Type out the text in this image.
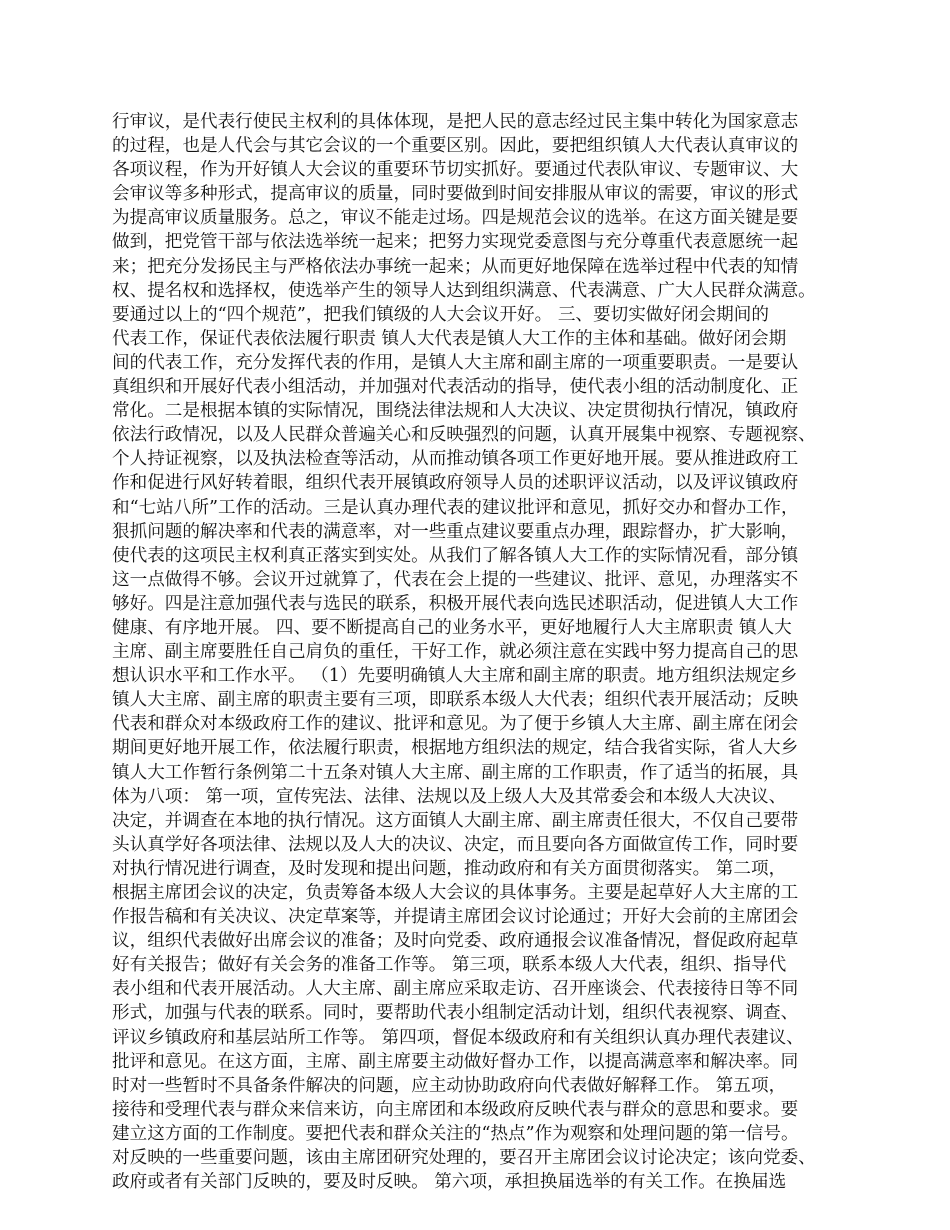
行审议，是代表行使民主权利的具体体现，是把人民的意志经过民主集中转化为国家意志
的过程，也是人代会与其它会议的一个重要区别。因此，要把组织镇人大代表认真审议的
各项议程，作为开好镇人大会议的重要环节切实抓好。要通过代表队审议、专题审议、大
会审议等多种形式，提高审议的质量，同时要做到时间安排服从审议的需要，审议的形式
为提高审议质量服务。总之，审议不能走过场。四是规范会议的选举。在这方面关键是要
做到，把党管干部与依法选举统一起来；把努力实现党委意图与充分尊重代表意愿统一起
来；把充分发扬民主与严格依法办事统一起来；从而更好地保障在选举过程中代表的知情
权、提名权和选择权，使选举产生的领导人达到组织满意、代表满意、广大人民群众满意。
要通过以上的“四个规范”，把我们镇级的人大会议开好。 三、要切实做好闭会期间的
代表工作，保证代表依法履行职责 镇人大代表是镇人大工作的主体和基础。做好闭会期
间的代表工作，充分发挥代表的作用，是镇人大主席和副主席的一项重要职责。一是要认
真组织和开展好代表小组活动，并加强对代表活动的指导，使代表小组的活动制度化、正
常化。二是根据本镇的实际情况，围绕法律法规和人大决议、决定贯彻执行情况，镇政府
依法行政情况，以及人民群众普遍关心和反映强烈的问题，认真开展集中视察、专题视察、
个人持证视察，以及执法检查等活动，从而推动镇各项工作更好地开展。要从推进政府工
作和促进行风好转着眼，组织代表开展镇政府领导人员的述职评议活动，以及评议镇政府
和“七站八所”工作的活动。三是认真办理代表的建议批评和意见，抓好交办和督办工作，
狠抓问题的解决率和代表的满意率，对一些重点建议要重点办理，跟踪督办，扩大影响，
使代表的这项民主权利真正落实到实处。从我们了解各镇人大工作的实际情况看，部分镇
这一点做得不够。会议开过就算了，代表在会上提的一些建议、批评、意见，办理落实不
够好。四是注意加强代表与选民的联系，积极开展代表向选民述职活动，促进镇人大工作
健康、有序地开展。 四、要不断提高自己的业务水平，更好地履行人大主席职责 镇人大
主席、副主席要胜任自己肩负的重任，干好工作，就必须注意在实践中努力提高自己的思
想认识水平和工作水平。 （1）先要明确镇人大主席和副主席的职责。地方组织法规定乡
镇人大主席、副主席的职责主要有三项，即联系本级人大代表；组织代表开展活动；反映
代表和群众对本级政府工作的建议、批评和意见。为了便于乡镇人大主席、副主席在闭会
期间更好地开展工作，依法履行职责，根据地方组织法的规定，结合我省实际，省人大乡
镇人大工作暂行条例第二十五条对镇人大主席、副主席的工作职责，作了适当的拓展，具
体为八项： 第一项，宣传宪法、法律、法规以及上级人大及其常委会和本级人大决议、
决定，并调查在本地的执行情况。这方面镇人大副主席、副主席责任很大，不仅自己要带
头认真学好各项法律、法规以及人大的决议、决定，而且要向各方面做宣传工作，同时要
对执行情况进行调查，及时发现和提出问题，推动政府和有关方面贯彻落实。 第二项，
根据主席团会议的决定，负责筹备本级人大会议的具体事务。主要是起草好人大主席的工
作报告稿和有关决议、决定草案等，并提请主席团会议讨论通过；开好大会前的主席团会
议，组织代表做好出席会议的准备；及时向党委、政府通报会议准备情况，督促政府起草
好有关报告；做好有关会务的准备工作等。 第三项，联系本级人大代表，组织、指导代
表小组和代表开展活动。人大主席、副主席应采取走访、召开座谈会、代表接待日等不同
形式，加强与代表的联系。同时，要帮助代表小组制定活动计划，组织代表视察、调查、
评议乡镇政府和基层站所工作等。 第四项，督促本级政府和有关组织认真办理代表建议、
批评和意见。在这方面，主席、副主席要主动做好督办工作，以提高满意率和解决率。同
时对一些暂时不具备条件解决的问题，应主动协助政府向代表做好解释工作。 第五项，
接待和受理代表与群众来信来访，向主席团和本级政府反映代表与群众的意思和要求。要
建立这方面的工作制度。要把代表和群众关注的“热点”作为观察和处理问题的第一信号。
对反映的一些重要问题，该由主席团研究处理的，要召开主席团会议讨论决定；该向党委、
政府或者有关部门反映的，要及时反映。 第六项，承担换届选举的有关工作。在换届选
